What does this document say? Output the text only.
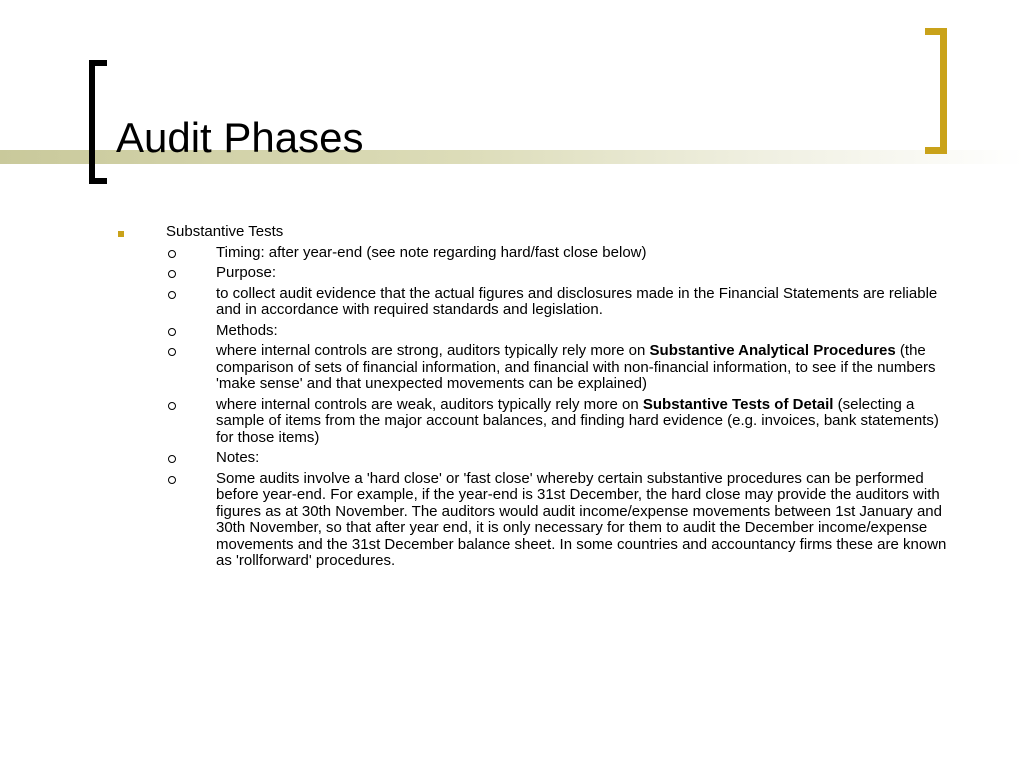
Audit Phases
Substantive Tests
Timing: after year-end (see note regarding hard/fast close below)
Purpose:
to collect audit evidence that the actual figures and disclosures made in the Financial Statements are reliable and in accordance with required standards and legislation.
Methods:
where internal controls are strong, auditors typically rely more on Substantive Analytical Procedures (the comparison of sets of financial information, and financial with non-financial information, to see if the numbers 'make sense' and that unexpected movements can be explained)
where internal controls are weak, auditors typically rely more on Substantive Tests of Detail (selecting a sample of items from the major account balances, and finding hard evidence (e.g. invoices, bank statements) for those items)
Notes:
Some audits involve a 'hard close' or 'fast close' whereby certain substantive procedures can be performed before year-end. For example, if the year-end is 31st December, the hard close may provide the auditors with figures as at 30th November. The auditors would audit income/expense movements between 1st January and 30th November, so that after year end, it is only necessary for them to audit the December income/expense movements and the 31st December balance sheet. In some countries and accountancy firms these are known as 'rollforward' procedures.
